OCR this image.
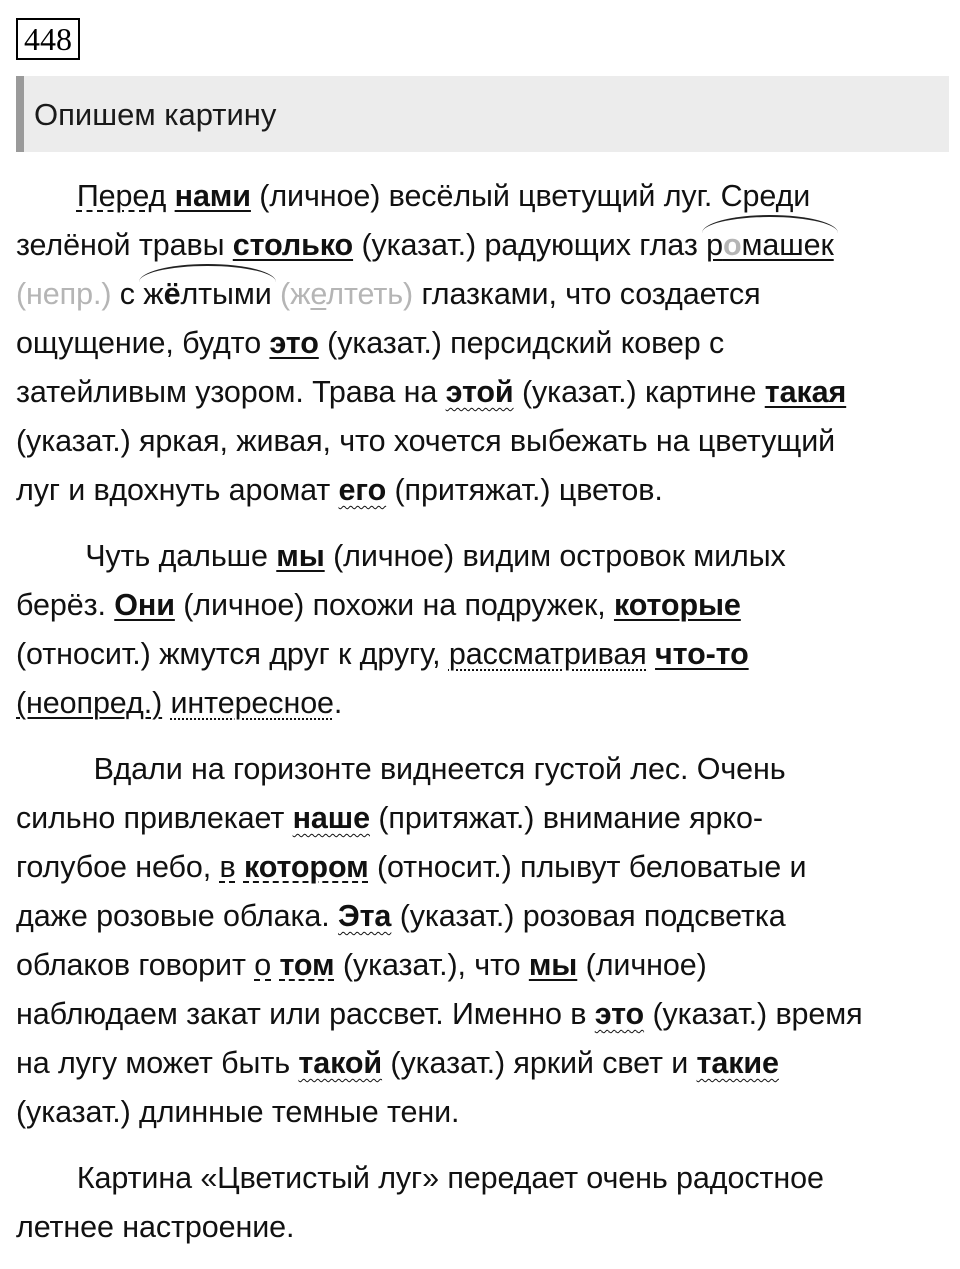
448
Опишем картину

  Перед нами (личное) весёлый цветущий луг. Среди
зелёной травы столько (указат.) радующих глаз ромашек
(непр.) с жёлтыми (желтеть) глазками, что создается
ощущение, будто это (указат.) персидский ковер с
затейливым узором. Трава на этой (указат.) картине такая
(указат.) яркая, живая, что хочется выбежать на цветущий
луг и вдохнуть аромат его (притяжат.) цветов.

   Чуть дальше мы (личное) видим островок милых
берёз. Они (личное) похожи на подружек, которые
(относит.) жмутся друг к другу, рассматривая что-то
(неопред.) интересное.

    Вдали на горизонте виднеется густой лес. Очень
сильно привлекает наше (притяжат.) внимание ярко-
голубое небо, в котором (относит.) плывут беловатые и
даже розовые облака. Эта (указат.) розовая подсветка
облаков говорит о том (указат.), что мы (личное)
наблюдаем закат или рассвет. Именно в это (указат.) время
на лугу может быть такой (указат.) яркий свет и такие
(указат.) длинные темные тени.

  Картина «Цветистый луг» передает очень радостное
летнее настроение.
